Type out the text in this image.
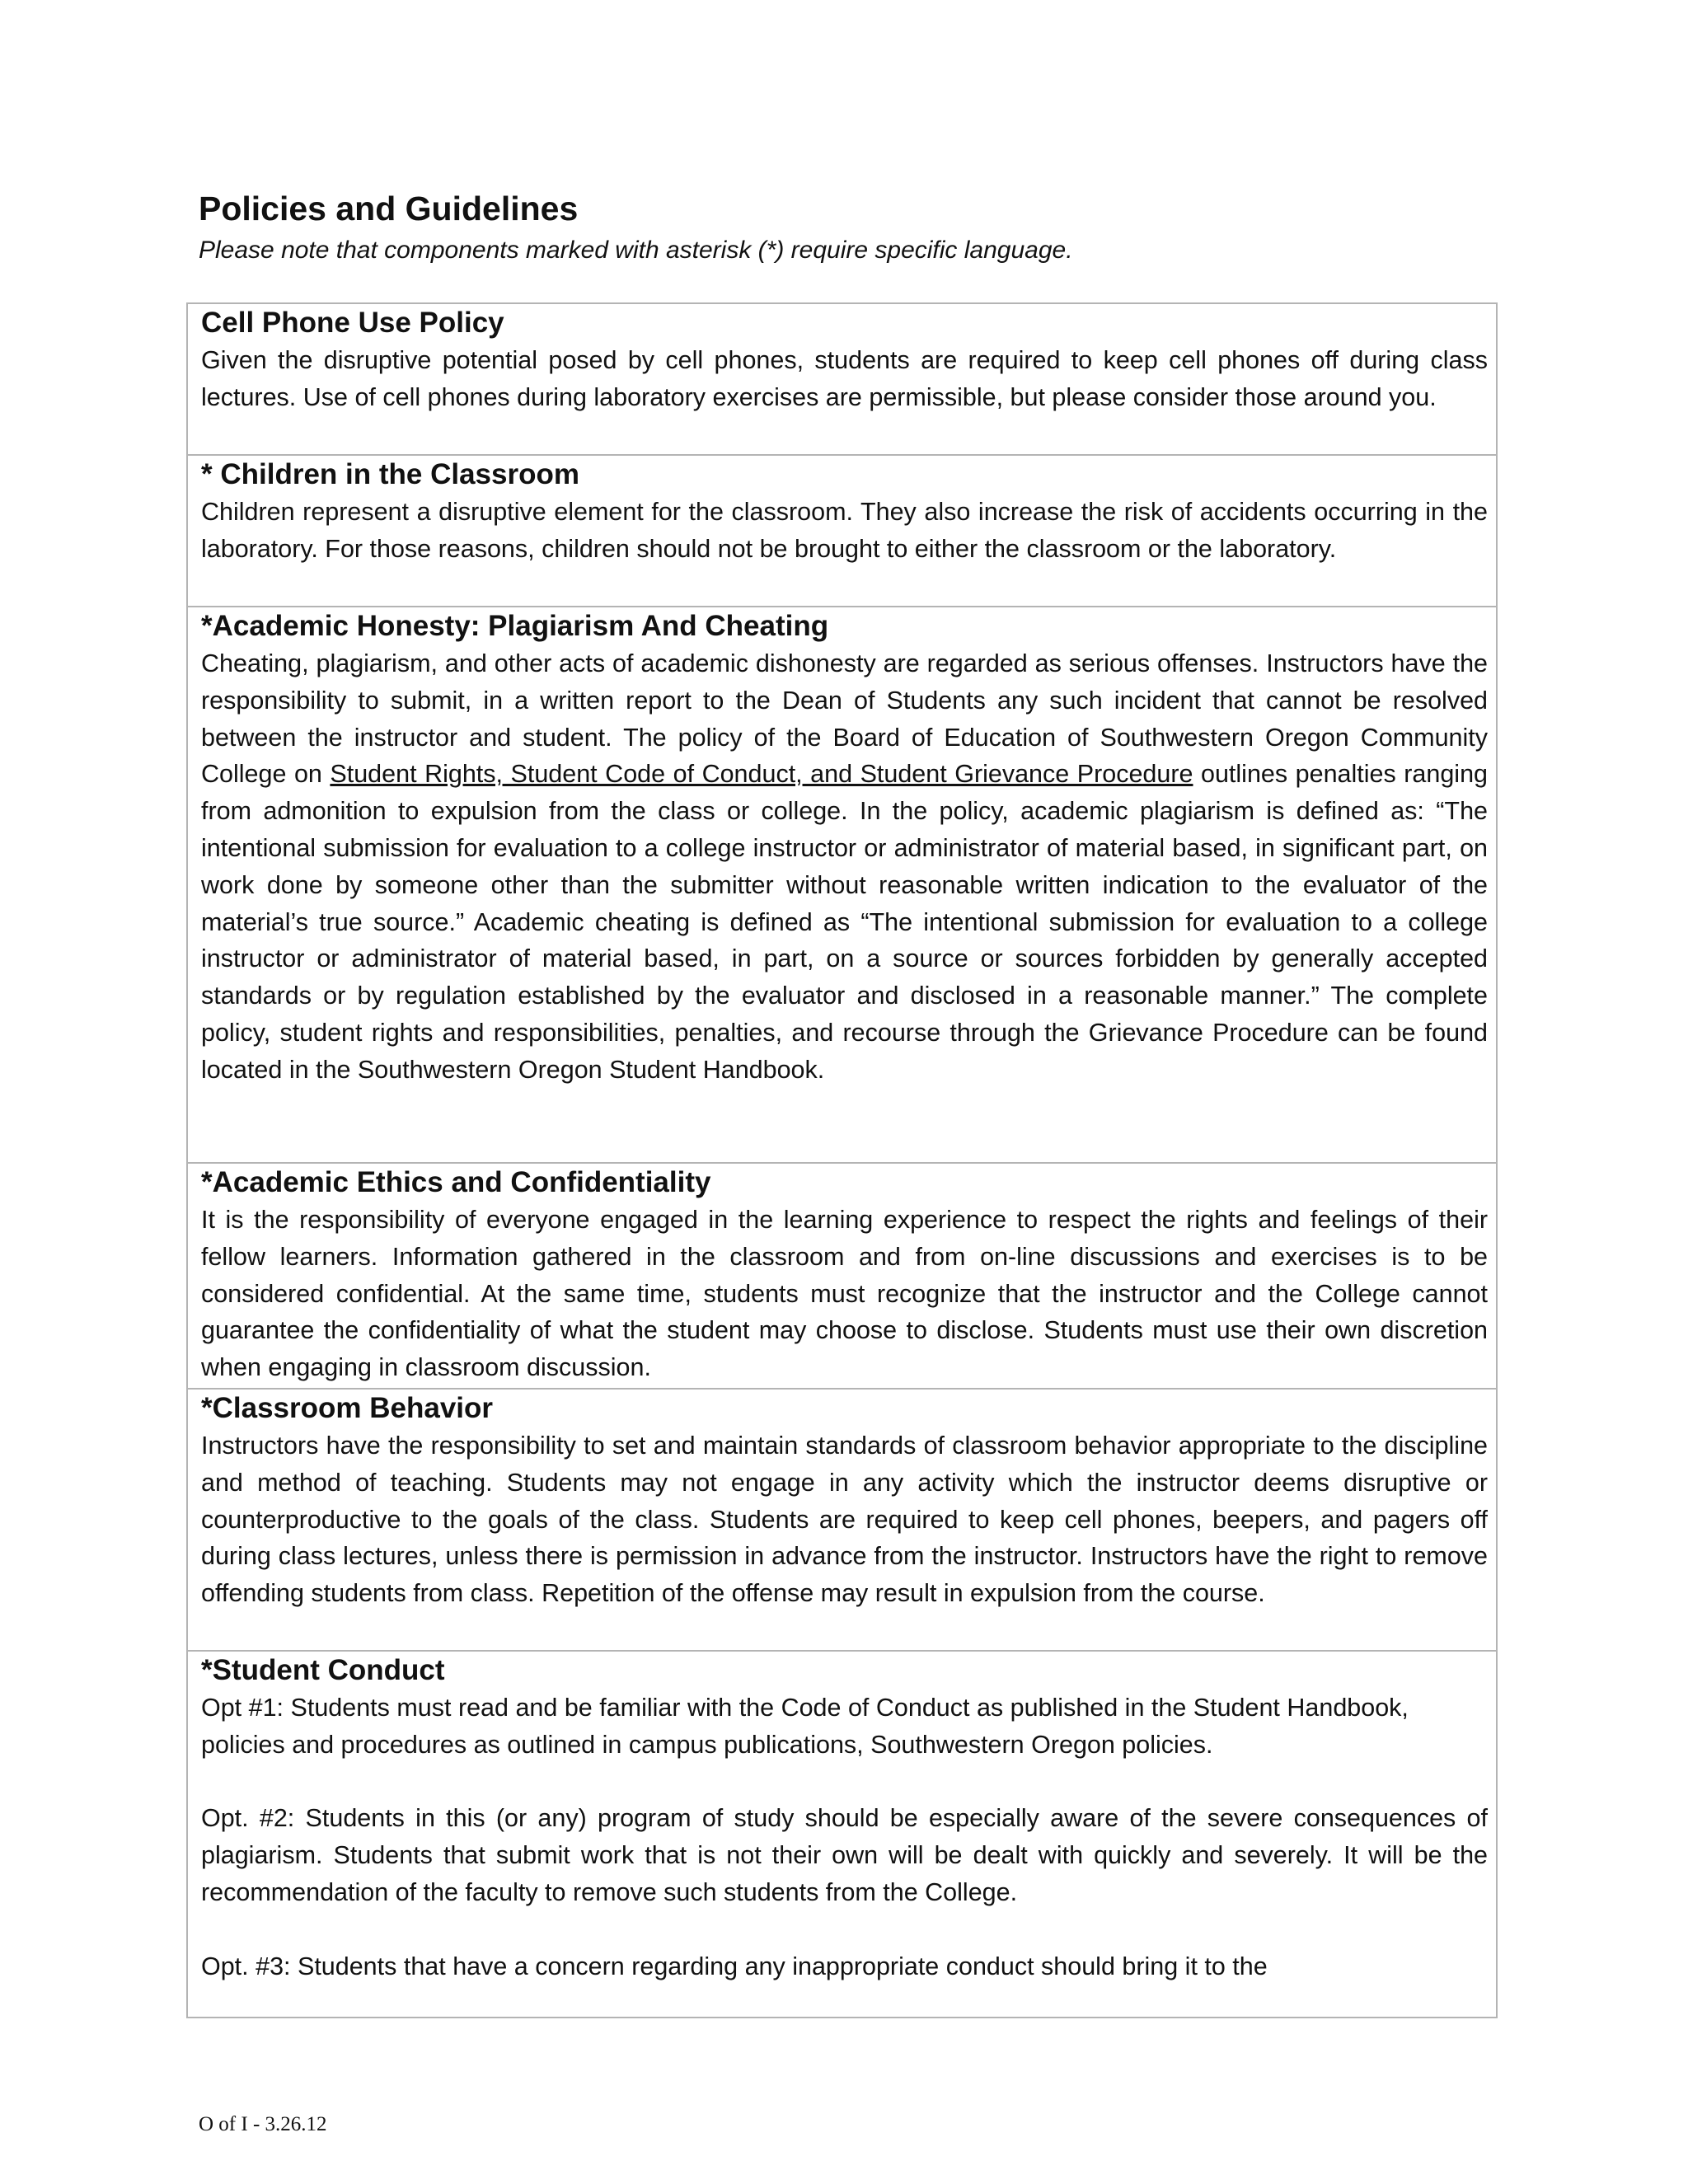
Policies and Guidelines

Please note that components marked with asterisk (*) require specific language.

Cell Phone Use Policy

Given the disruptive potential posed by cell phones, students are required to keep cell phones off during class lectures. Use of cell phones during laboratory exercises are permissible, but please consider those around you.

* Children in the Classroom

Children represent a disruptive element for the classroom. They also increase the risk of accidents occurring in the laboratory. For those reasons, children should not be brought to either the classroom or the laboratory.

*Academic Honesty: Plagiarism And Cheating

Cheating, plagiarism, and other acts of academic dishonesty are regarded as serious offenses. Instructors have the responsibility to submit, in a written report to the Dean of Students any such incident that cannot be resolved between the instructor and student. The policy of the Board of Education of Southwestern Oregon Community College on Student Rights, Student Code of Conduct, and Student Grievance Procedure outlines penalties ranging from admonition to expulsion from the class or college. In the policy, academic plagiarism is defined as: “The intentional submission for evaluation to a college instructor or administrator of material based, in significant part, on work done by someone other than the submitter without reasonable written indication to the evaluator of the material’s true source.” Academic cheating is defined as “The intentional submission for evaluation to a college instructor or administrator of material based, in part, on a source or sources forbidden by generally accepted standards or by regulation established by the evaluator and disclosed in a reasonable manner.” The complete policy, student rights and responsibilities, penalties, and recourse through the Grievance Procedure can be found located in the Southwestern Oregon Student Handbook.

*Academic Ethics and Confidentiality

It is the responsibility of everyone engaged in the learning experience to respect the rights and feelings of their fellow learners. Information gathered in the classroom and from on-line discussions and exercises is to be considered confidential. At the same time, students must recognize that the instructor and the College cannot guarantee the confidentiality of what the student may choose to disclose. Students must use their own discretion when engaging in classroom discussion.

*Classroom Behavior

Instructors have the responsibility to set and maintain standards of classroom behavior appropriate to the discipline and method of teaching. Students may not engage in any activity which the instructor deems disruptive or counterproductive to the goals of the class. Students are required to keep cell phones, beepers, and pagers off during class lectures, unless there is permission in advance from the instructor. Instructors have the right to remove offending students from class. Repetition of the offense may result in expulsion from the course.

*Student Conduct

Opt #1: Students must read and be familiar with the Code of Conduct as published in the Student Handbook, policies and procedures as outlined in campus publications, Southwestern Oregon policies.

Opt. #2: Students in this (or any) program of study should be especially aware of the severe consequences of plagiarism. Students that submit work that is not their own will be dealt with quickly and severely. It will be the recommendation of the faculty to remove such students from the College.

Opt. #3: Students that have a concern regarding any inappropriate conduct should bring it to the

O of I - 3.26.12
